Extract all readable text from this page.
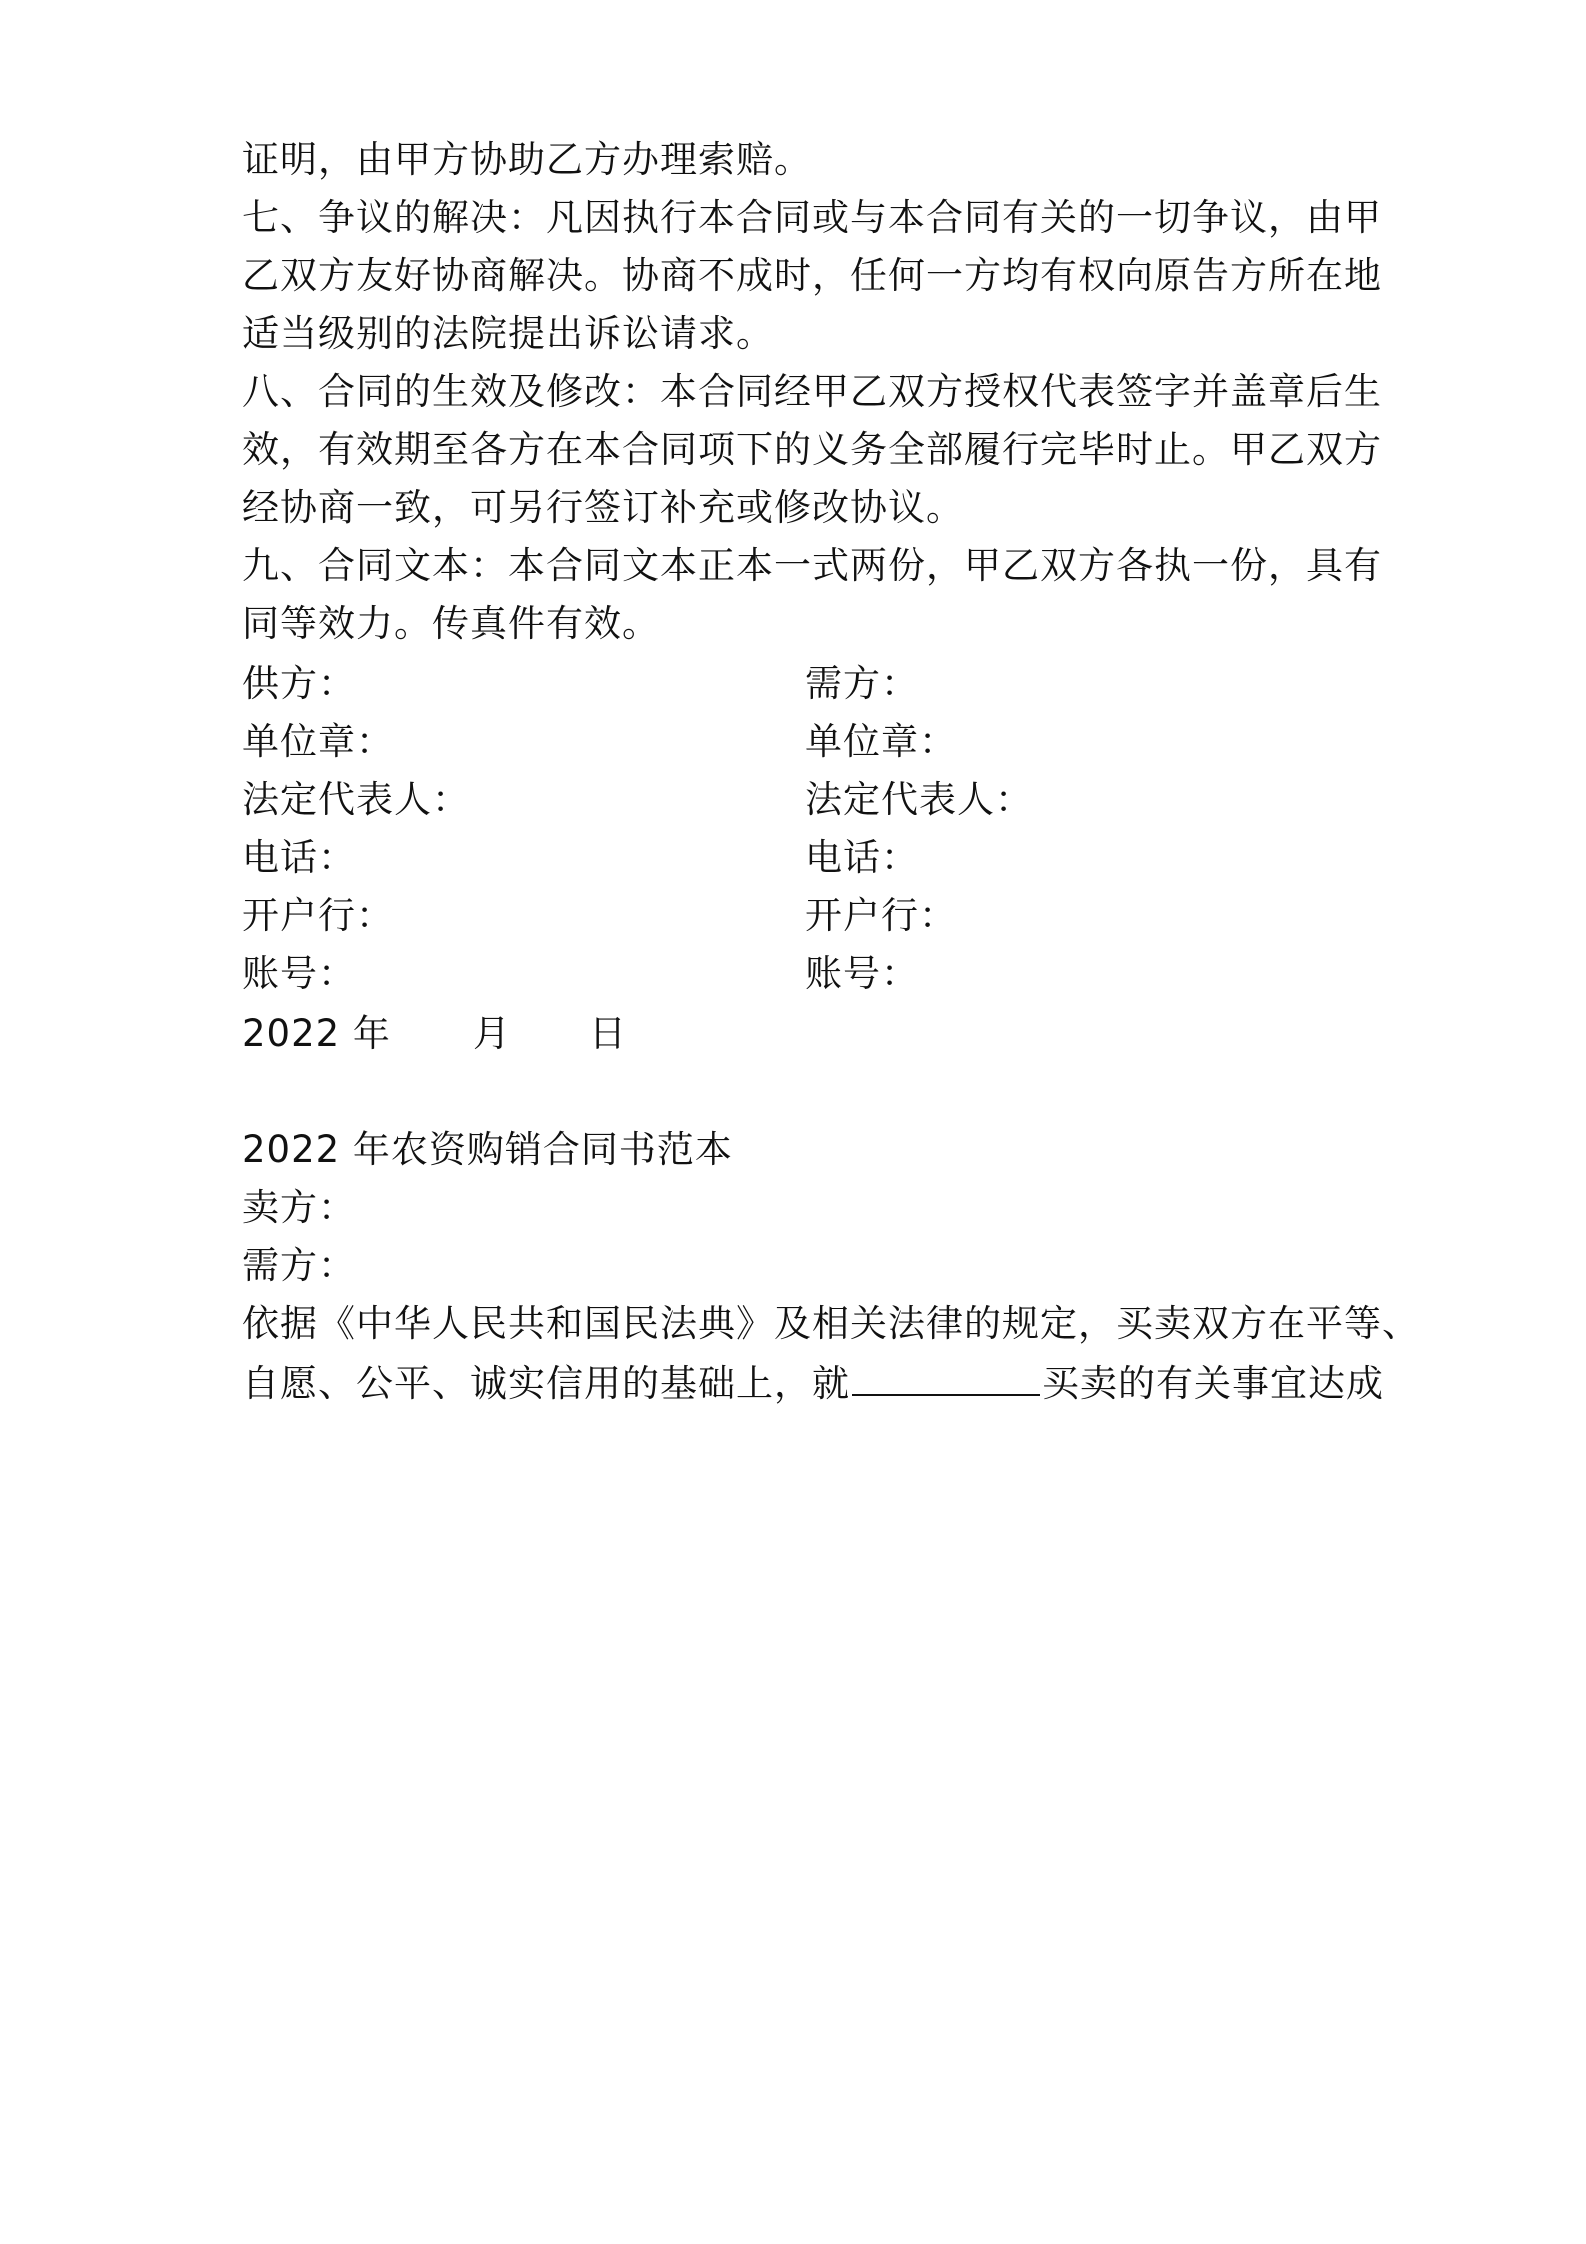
证明，由甲方协助乙方办理索赔。
七、争议的解决：凡因执行本合同或与本合同有关的一切争议，由甲
乙双方友好协商解决。协商不成时，任何一方均有权向原告方所在地
适当级别的法院提出诉讼请求。
八、合同的生效及修改：本合同经甲乙双方授权代表签字并盖章后生
效，有效期至各方在本合同项下的义务全部履行完毕时止。甲乙双方
经协商一致，可另行签订补充或修改协议。
九、合同文本：本合同文本正本一式两份，甲乙双方各执一份，具有
同等效力。传真件有效。
供方：	需方：
单位章：	单位章：
法定代表人：	法定代表人：
电话：	电话：
开户行：	开户行：
账号：	账号：
2022 年 月 日
2022 年农资购销合同书范本
卖方：
需方：
依据《中华人民共和国民法典》及相关法律的规定，买卖双方在平等、
自愿、公平、诚实信用的基础上，就	买卖的有关事宜达成
